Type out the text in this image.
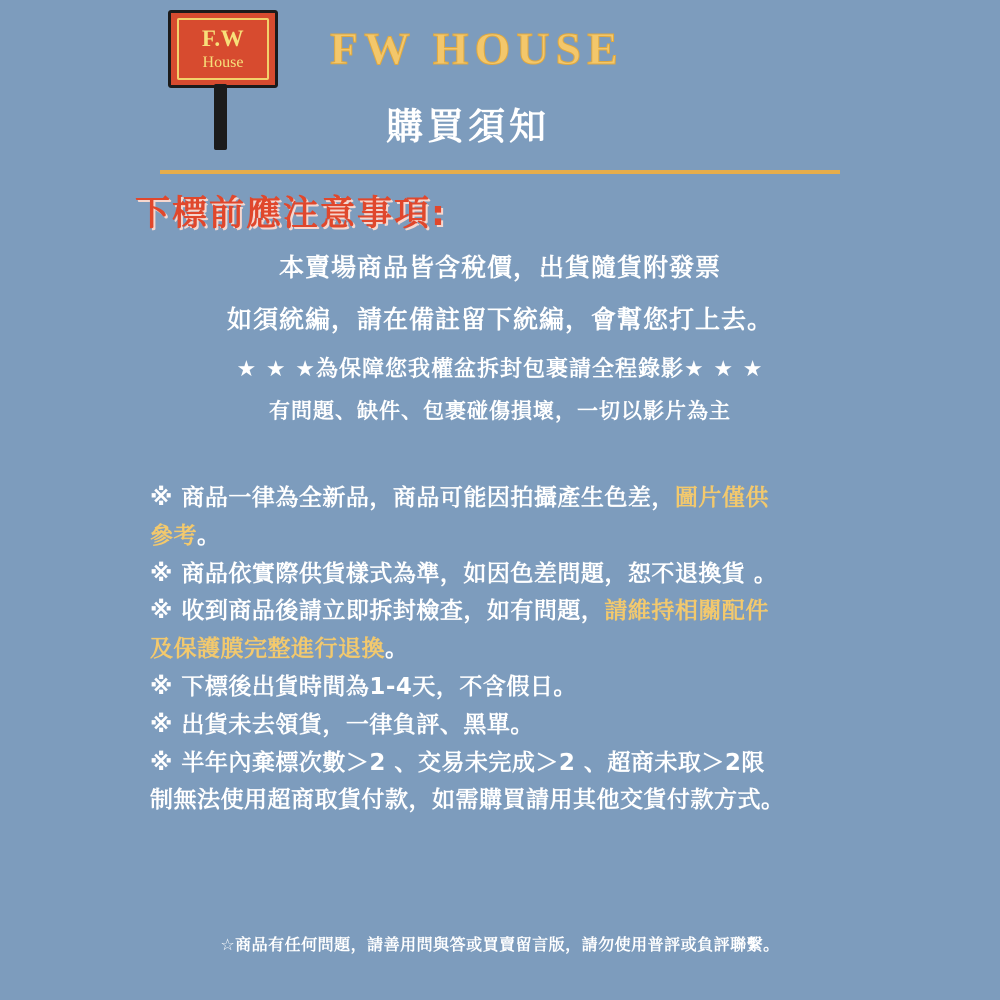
F.W
House FW HOUSE
購買須知
下標前應注意事項:
本賣場商品皆含稅價，出貨隨貨附發票
如須統編，請在備註留下統編，會幫您打上去。
★ ★ ★為保障您我權盆拆封包裹請全程錄影★ ★ ★
有問題、缺件、包裹碰傷損壞，一切以影片為主
※ 商品一律為全新品，商品可能因拍攝產生色差，圖片僅供
參考。
※ 商品依實際供貨樣式為準，如因色差問題，恕不退換貨 。
※ 收到商品後請立即拆封檢查，如有問題，請維持相關配件
及保護膜完整進行退換。
※ 下標後出貨時間為1-4天，不含假日。
※ 出貨未去領貨，一律負評、黑單。
※ 半年內棄標次數＞2 、交易未完成＞2 、超商未取＞2限
制無法使用超商取貨付款，如需購買請用其他交貨付款方式。
☆商品有任何問題，請善用問與答或買賣留言版，請勿使用普評或負評聯繫。
